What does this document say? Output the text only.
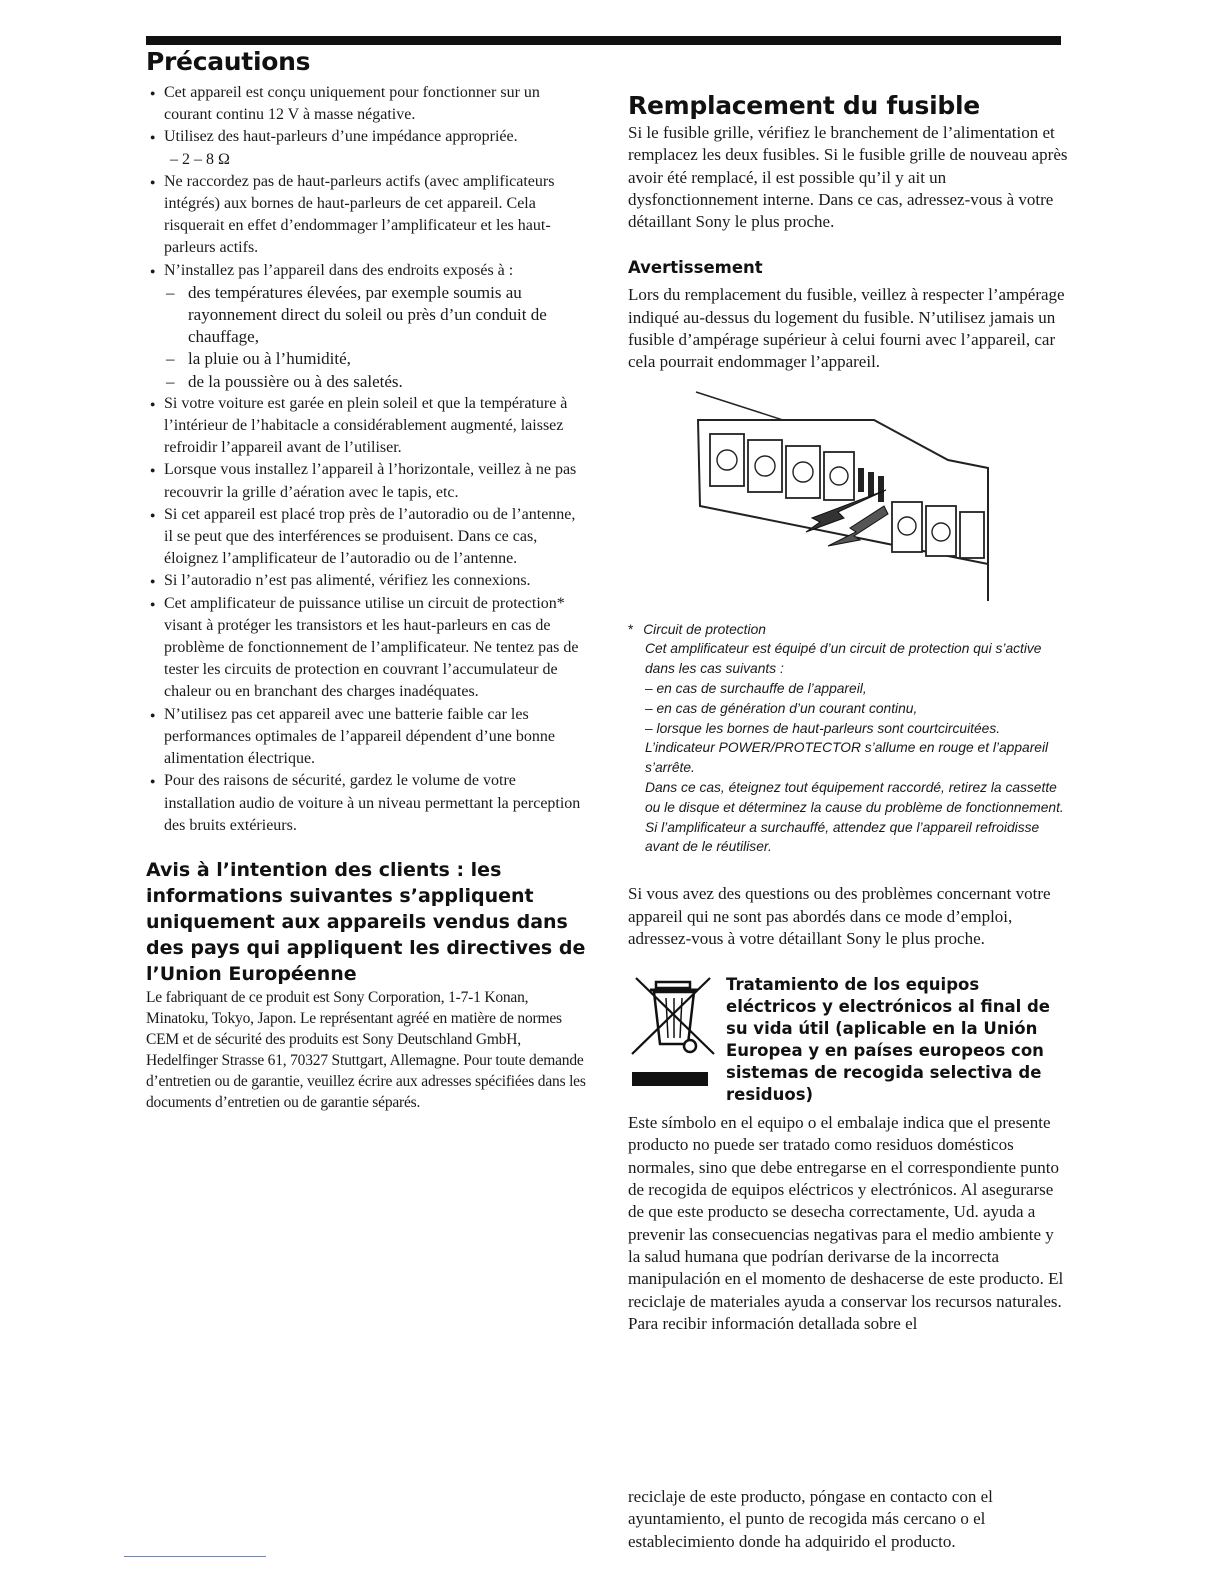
Précautions
● Cet appareil est conçu uniquement pour fonctionner sur un courant continu 12 V à masse négative.
● Utilisez des haut-parleurs d’une impédance appropriée.
– 2 – 8 Ω
● Ne raccordez pas de haut-parleurs actifs (avec amplificateurs intégrés) aux bornes de haut-parleurs de cet appareil. Cela risquerait en effet d’endommager l’amplificateur et les haut-parleurs actifs.
● N’installez pas l’appareil dans des endroits exposés à :
– des températures élevées, par exemple soumis au rayonnement direct du soleil ou près d’un conduit de chauffage,
– la pluie ou à l’humidité,
– de la poussière ou à des saletés.
● Si votre voiture est garée en plein soleil et que la température à l’intérieur de l’habitacle a considérablement augmenté, laissez refroidir l’appareil avant de l’utiliser.
● Lorsque vous installez l’appareil à l’horizontale, veillez à ne pas recouvrir la grille d’aération avec le tapis, etc.
● Si cet appareil est placé trop près de l’autoradio ou de l’antenne, il se peut que des interférences se produisent. Dans ce cas, éloignez l’amplificateur de l’autoradio ou de l’antenne.
● Si l’autoradio n’est pas alimenté, vérifiez les connexions.
● Cet amplificateur de puissance utilise un circuit de protection* visant à protéger les transistors et les haut-parleurs en cas de problème de fonctionnement de l’amplificateur. Ne tentez pas de tester les circuits de protection en couvrant l’accumulateur de chaleur ou en branchant des charges inadéquates.
● N’utilisez pas cet appareil avec une batterie faible car les performances optimales de l’appareil dépendent d’une bonne alimentation électrique.
● Pour des raisons de sécurité, gardez le volume de votre installation audio de voiture à un niveau permettant la perception des bruits extérieurs.
Avis à l’intention des clients : les informations suivantes s’appliquent uniquement aux appareils vendus dans des pays qui appliquent les directives de l’Union Européenne

Le fabriquant de ce produit est Sony Corporation, 1-7-1 Konan, Minatoku, Tokyo, Japon. Le représentant agréé en matière de normes CEM et de sécurité des produits est Sony Deutschland GmbH, Hedelfinger Strasse 61, 70327 Stuttgart, Allemagne. Pour toute demande d’entretien ou de garantie, veuillez écrire aux adresses spécifiées dans les documents d’entretien ou de garantie séparés.

Remplacement du fusible

Si le fusible grille, vérifiez le branchement de l’alimentation et remplacez les deux fusibles. Si le fusible grille de nouveau après avoir été remplacé, il est possible qu’il y ait un dysfonctionnement interne. Dans ce cas, adressez-vous à votre détaillant Sony le plus proche.

Avertissement

Lors du remplacement du fusible, veillez à respecter l’ampérage indiqué au-dessus du logement du fusible. N’utilisez jamais un fusible d’ampérage supérieur à celui fourni avec l’appareil, car cela pourrait endommager l’appareil.

* Circuit de protection

Cet amplificateur est équipé d’un circuit de protection qui s’active dans les cas suivants :

– en cas de surchauffe de l’appareil,

– en cas de génération d’un courant continu,

– lorsque les bornes de haut-parleurs sont courtcircuitées.

L’indicateur POWER/PROTECTOR s’allume en rouge et l’appareil s’arrête.

Dans ce cas, éteignez tout équipement raccordé, retirez la cassette ou le disque et déterminez la cause du problème de fonctionnement. Si l’amplificateur a surchauffé, attendez que l’appareil refroidisse avant de le réutiliser.

Si vous avez des questions ou des problèmes concernant votre appareil qui ne sont pas abordés dans ce mode d’emploi, adressez-vous à votre détaillant Sony le plus proche.

Tratamiento de los equipos eléctricos y electrónicos al final de su vida útil (aplicable en la Unión Europea y en países europeos con sistemas de recogida selectiva de residuos)

Este símbolo en el equipo o el embalaje indica que el presente producto no puede ser tratado como residuos domésticos normales, sino que debe entregarse en el correspondiente punto de recogida de equipos eléctricos y electrónicos. Al asegurarse de que este producto se desecha correctamente, Ud. ayuda a prevenir las consecuencias negativas para el medio ambiente y la salud humana que podrían derivarse de la incorrecta manipulación en el momento de deshacerse de este producto. El reciclaje de materiales ayuda a conservar los recursos naturales. Para recibir información detallada sobre el

reciclaje de este producto, póngase en contacto con el ayuntamiento, el punto de recogida más cercano o el establecimiento donde ha adquirido el producto.
